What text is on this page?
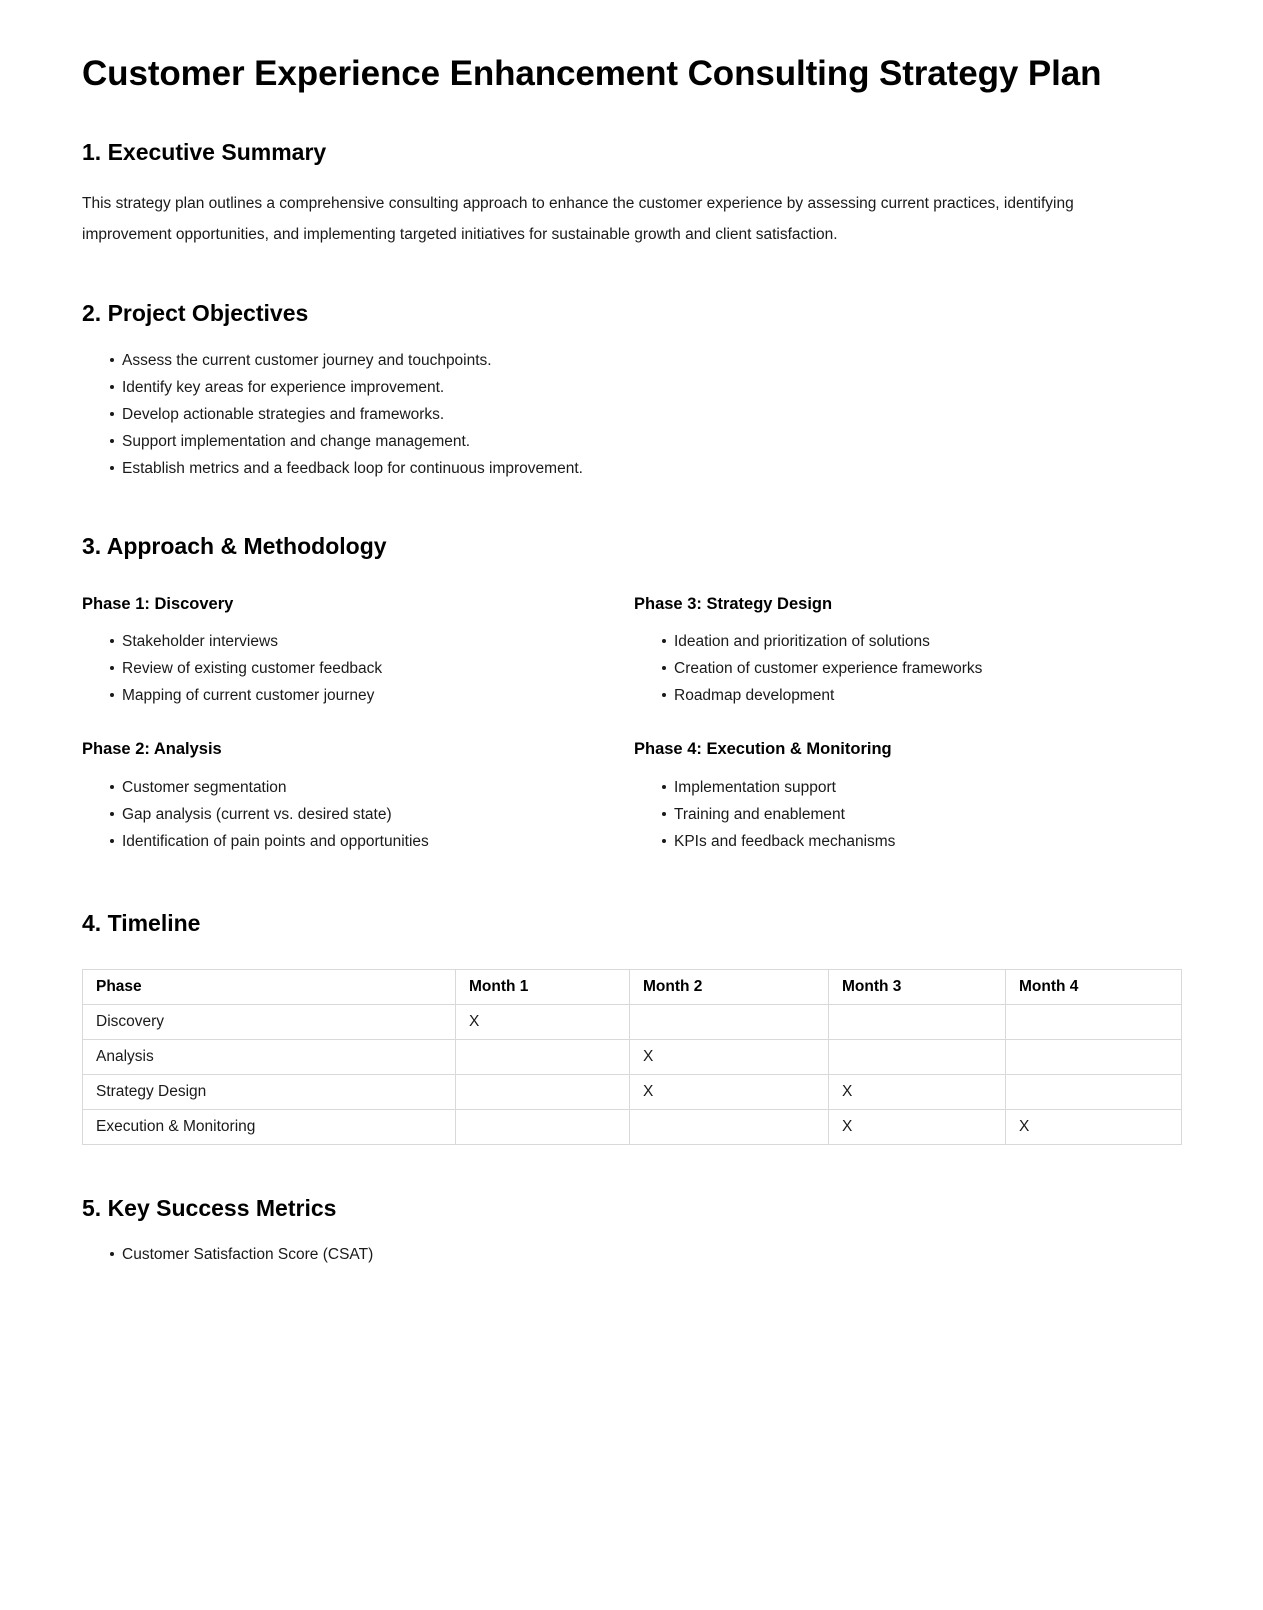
Customer Experience Enhancement Consulting Strategy Plan
1. Executive Summary

This strategy plan outlines a comprehensive consulting approach to enhance the customer experience by assessing current practices, identifying improvement opportunities, and implementing targeted initiatives for sustainable growth and client satisfaction.

2. Project Objectives
Assess the current customer journey and touchpoints.
Identify key areas for experience improvement.
Develop actionable strategies and frameworks.
Support implementation and change management.
Establish metrics and a feedback loop for continuous improvement.
3. Approach & Methodology
Phase 1: Discovery
Stakeholder interviews
Review of existing customer feedback
Mapping of current customer journey
Phase 2: Analysis
Customer segmentation
Gap analysis (current vs. desired state)
Identification of pain points and opportunities
Phase 3: Strategy Design
Ideation and prioritization of solutions
Creation of customer experience frameworks
Roadmap development
Phase 4: Execution & Monitoring
Implementation support
Training and enablement
KPIs and feedback mechanisms
4. Timeline
Phase	Month 1	Month 2	Month 3	Month 4
Discovery	X			
Analysis		X		
Strategy Design		X	X	
Execution & Monitoring			X	X
5. Key Success Metrics
Customer Satisfaction Score (CSAT)
